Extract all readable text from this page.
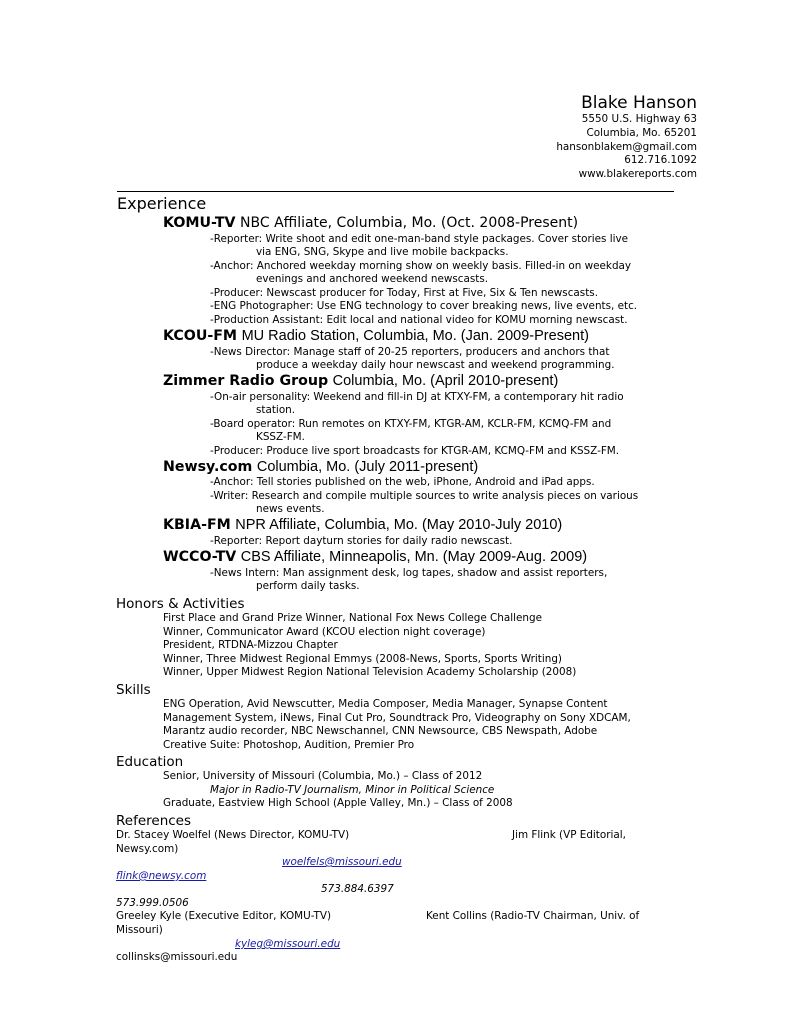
Blake Hanson
5550 U.S. Highway 63
Columbia, Mo. 65201
hansonblakem@gmail.com
612.716.1092
www.blakereports.com
Experience
KOMU-TV NBC Affiliate, Columbia, Mo. (Oct. 2008-Present)
-Reporter: Write shoot and edit one-man-band style packages. Cover stories live
via ENG, SNG, Skype and live mobile backpacks.
-Anchor: Anchored weekday morning show on weekly basis. Filled-in on weekday
evenings and anchored weekend newscasts.
-Producer: Newscast producer for Today, First at Five, Six & Ten newscasts.
-ENG Photographer: Use ENG technology to cover breaking news, live events, etc.
-Production Assistant: Edit local and national video for KOMU morning newscast.
KCOU-FM MU Radio Station, Columbia, Mo. (Jan. 2009-Present)
-News Director: Manage staff of 20-25 reporters, producers and anchors that
produce a weekday daily hour newscast and weekend programming.
Zimmer Radio Group Columbia, Mo. (April 2010-present)
-On-air personality: Weekend and fill-in DJ at KTXY-FM, a contemporary hit radio
station.
-Board operator: Run remotes on KTXY-FM, KTGR-AM, KCLR-FM, KCMQ-FM and
KSSZ-FM.
-Producer: Produce live sport broadcasts for KTGR-AM, KCMQ-FM and KSSZ-FM.
Newsy.com Columbia, Mo. (July 2011-present)
-Anchor: Tell stories published on the web, iPhone, Android and iPad apps.
-Writer: Research and compile multiple sources to write analysis pieces on various
news events.
KBIA-FM NPR Affiliate, Columbia, Mo. (May 2010-July 2010)
-Reporter: Report dayturn stories for daily radio newscast.
WCCO-TV CBS Affiliate, Minneapolis, Mn. (May 2009-Aug. 2009)
-News Intern: Man assignment desk, log tapes, shadow and assist reporters,
perform daily tasks.
Honors & Activities
First Place and Grand Prize Winner, National Fox News College Challenge
Winner, Communicator Award (KCOU election night coverage)
President, RTDNA-Mizzou Chapter
Winner, Three Midwest Regional Emmys (2008-News, Sports, Sports Writing)
Winner, Upper Midwest Region National Television Academy Scholarship (2008)
Skills
ENG Operation, Avid Newscutter, Media Composer, Media Manager, Synapse Content
Management System, iNews, Final Cut Pro, Soundtrack Pro, Videography on Sony XDCAM,
Marantz audio recorder, NBC Newschannel, CNN Newsource, CBS Newspath, Adobe
Creative Suite: Photoshop, Audition, Premier Pro
Education
Senior, University of Missouri (Columbia, Mo.) – Class of 2012
Major in Radio-TV Journalism, Minor in Political Science
Graduate, Eastview High School (Apple Valley, Mn.) – Class of 2008
References
Dr. Stacey Woelfel (News Director, KOMU-TV)	Jim Flink (VP Editorial,
Newsy.com)
woelfels@missouri.edu
flink@newsy.com
573.884.6397
573.999.0506
Greeley Kyle (Executive Editor, KOMU-TV)	Kent Collins (Radio-TV Chairman, Univ. of
Missouri)
kyleg@missouri.edu
collinsks@missouri.edu
